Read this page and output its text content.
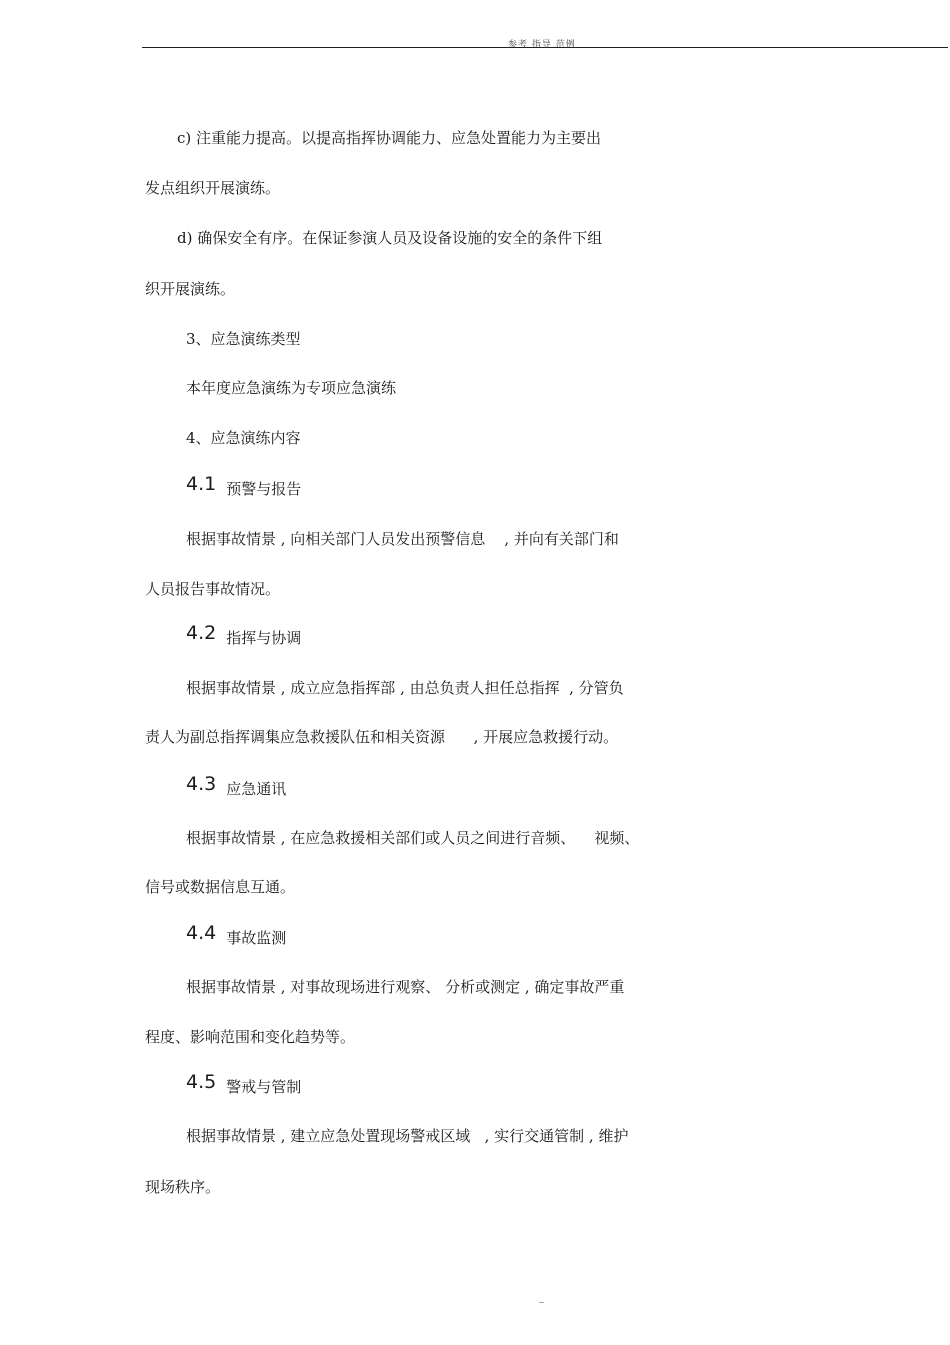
参考 指导 范例
c) 注重能力提高。以提高指挥协调能力、应急处置能力为主要出
发点组织开展演练。
d) 确保安全有序。在保证参演人员及设备设施的安全的条件下组
织开展演练。
3、应急演练类型
本年度应急演练为专项应急演练
4、应急演练内容
4.1 预警与报告
根据事故情景 , 向相关部门人员发出预警信息    , 并向有关部门和
人员报告事故情况。
4.2 指挥与协调
根据事故情景 , 成立应急指挥部 , 由总负责人担任总指挥  , 分管负
责人为副总指挥调集应急救援队伍和相关资源      , 开展应急救援行动。
4.3 应急通讯
根据事故情景 , 在应急救援相关部们或人员之间进行音频、    视频、
信号或数据信息互通。
4.4 事故监测
根据事故情景 , 对事故现场进行观察、 分析或测定 , 确定事故严重
程度、影响范围和变化趋势等。
4.5 警戒与管制
根据事故情景 , 建立应急处置现场警戒区域   , 实行交通管制 , 维护
现场秩序。
–
